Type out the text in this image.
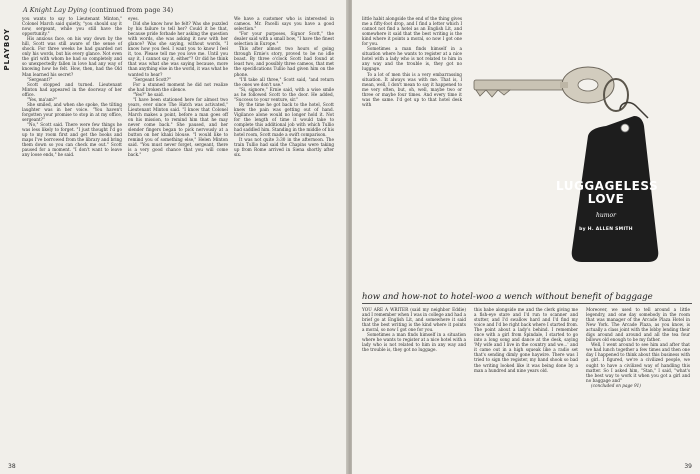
A Knight Lay Dying (continued from page 34)
PLAYBOY

you wants to say to Lieutenant Minton," Colonel March said quietly, "you should say it now, sergeant, while you still have the opportunity."

His anxious face, on his way down by the hill, Scott was still aware of the sense of shock. For three weeks he had guarded not only his words, but his every glance. Not even the girl with whom he had so completely and so unexpectedly fallen in love had any way of knowing how he felt. How, then, had the Old Man learned his secret?

"Sergeant?"

Scott stopped and turned. Lieutenant Minton had appeared in the doorway of her office.

"Yes, ma'am?"

She smiled, and when she spoke, the tilting laughter was in her voice. "You haven't forgotten your promise to stop in at my office, sergeant?"

"No," Scott said. There were few things he was less likely to forget. "I just thought I'd go up to my room first and get the books and maps I've borrowed from the library and bring them down so you can check me out." Scott paused for a moment. "I don't want to leave any loose ends," he said.

eyes.

Did she know how he felt? Was she puzzled by his failure to tell her? Could it be that, because pride forbade her asking the question with words, she was asking it now with her glance? Was she saying, without words, "I know how you feel. I want you to know I feel it, too. Please tell me you love me. Until you say it, I cannot say it, either"? Or did he think that was what she was saying because, more than anything else in the world, it was what he wanted to hear?

"Sergeant Scott?"

For a stunned moment he did not realize she had broken the silence.

"Yes?" he said.

"I have been stationed here for almost two years, ever since The Hatch was activated," Lieutenant Minton said. "I know that Colonel March makes a point, before a man goes off on his mission, to remind him that he may never come back." She paused, and her slender fingers began to pick nervously at a button on her khaki blouse. "I would like to remind you of something else," Helen Minton said. "You must never forget, sergeant, there is a very good chance that you will come back."

We have a customer who is interested in cameos. Mr. Pacelli says you have a good selection."

"For your purposes, Signor Scott," the dealer said with a small bow, "I have the finest selection in Europe."

This after almost two hours of going through Ernie's story, proved to be no idle boast. By three o'clock Scott had found at least two, and possibly three cameos, that met the specifications Tullio had given him on the phone.

"I'll take all three," Scott said, "and return the ones we don't use."

"Si, signore," Ernie said, with a wise smile as he followed Scott to the door. He added, "Success to your venture, sir."

By the time he got back to the hotel, Scott knew the pain was getting out of hand. Vigilance alone would no longer hold it. Not for the length of time it would take to complete this additional job with which Tullio had saddled him. Standing in the middle of his hotel room, Scott made a swift comparison.

It was not quite 3:30 in the afternoon. The train Tullio had said the Chapins were taking up from Rome arrived in Siena shortly after six.

38

little habit alongside the end of the thing gives me a fifty-foot drop, and I find a letter which I cannot not find a hotel as an English Lit, and somewhere it said that the best writing is the kind where it points a moral, so now I got one for you.

Sometimes a man finds himself in a situation where he wants to register at a nice hotel with a lady who is not related to him in any way and the trouble is, they got no luggage.

To a lot of men this is a very embarrassing situation. It always was with me. That is, I mean, well, I don't mean to say it happened to me very often, but, oh, well, maybe two or three or maybe four times. And every time it was the same. I'd get up to that hotel desk with

LUGGAGELESS
LOVE
humor
by H. ALLEN SMITH
how and how-not to hotel-woo a wench without benefit of baggage

YOU ARE A WRITER (said my neighbor Eddie) and I remember when I was in college and had a brief go at English Lit, and somewhere it said that the best writing is the kind where it points a moral, so now I got one for you.

Sometimes a man finds himself in a situation where he wants to register at a nice hotel with a lady who is not related to him in any way and the trouble is, they got no luggage.

this babe alongside me and the clerk giving me a fish-eye stare and I'd run to scanner and stutter, and I'd swallow hard and I'd find my voice and I'd be right back where I started from. The point about a lady's behind. I remember once with a girl from Spindale, I started to go into a long song and dance at the desk, saying 'My wife and I live in the country and we...' and it came out in a high squeak like a radio set that's sending dimly gone haywire. There was I tried to sign the register, my hand shook so bad the writing looked like it was being done by a man a hundred and nine years old.

Moreover, we used to tell around a little legendry, and one day somebody in the room that was manager of the Arcade Plaza Hotel in New York. The Arcade Plaza, as you know, is actually a class joint with the lobby lending their digs around and around and all the tea four billows old enough to be my father.

Well, I went around to see him and after that we had lunch together a few times and then one day I happened to think about this business with a girl. I figured, we're a civilized people, we ought to have a civilized way of handling this matter. So I asked him, "Stan," I said, "what's the best way to work it when you got a girl and no baggage and"

(concluded on page 91)

39
